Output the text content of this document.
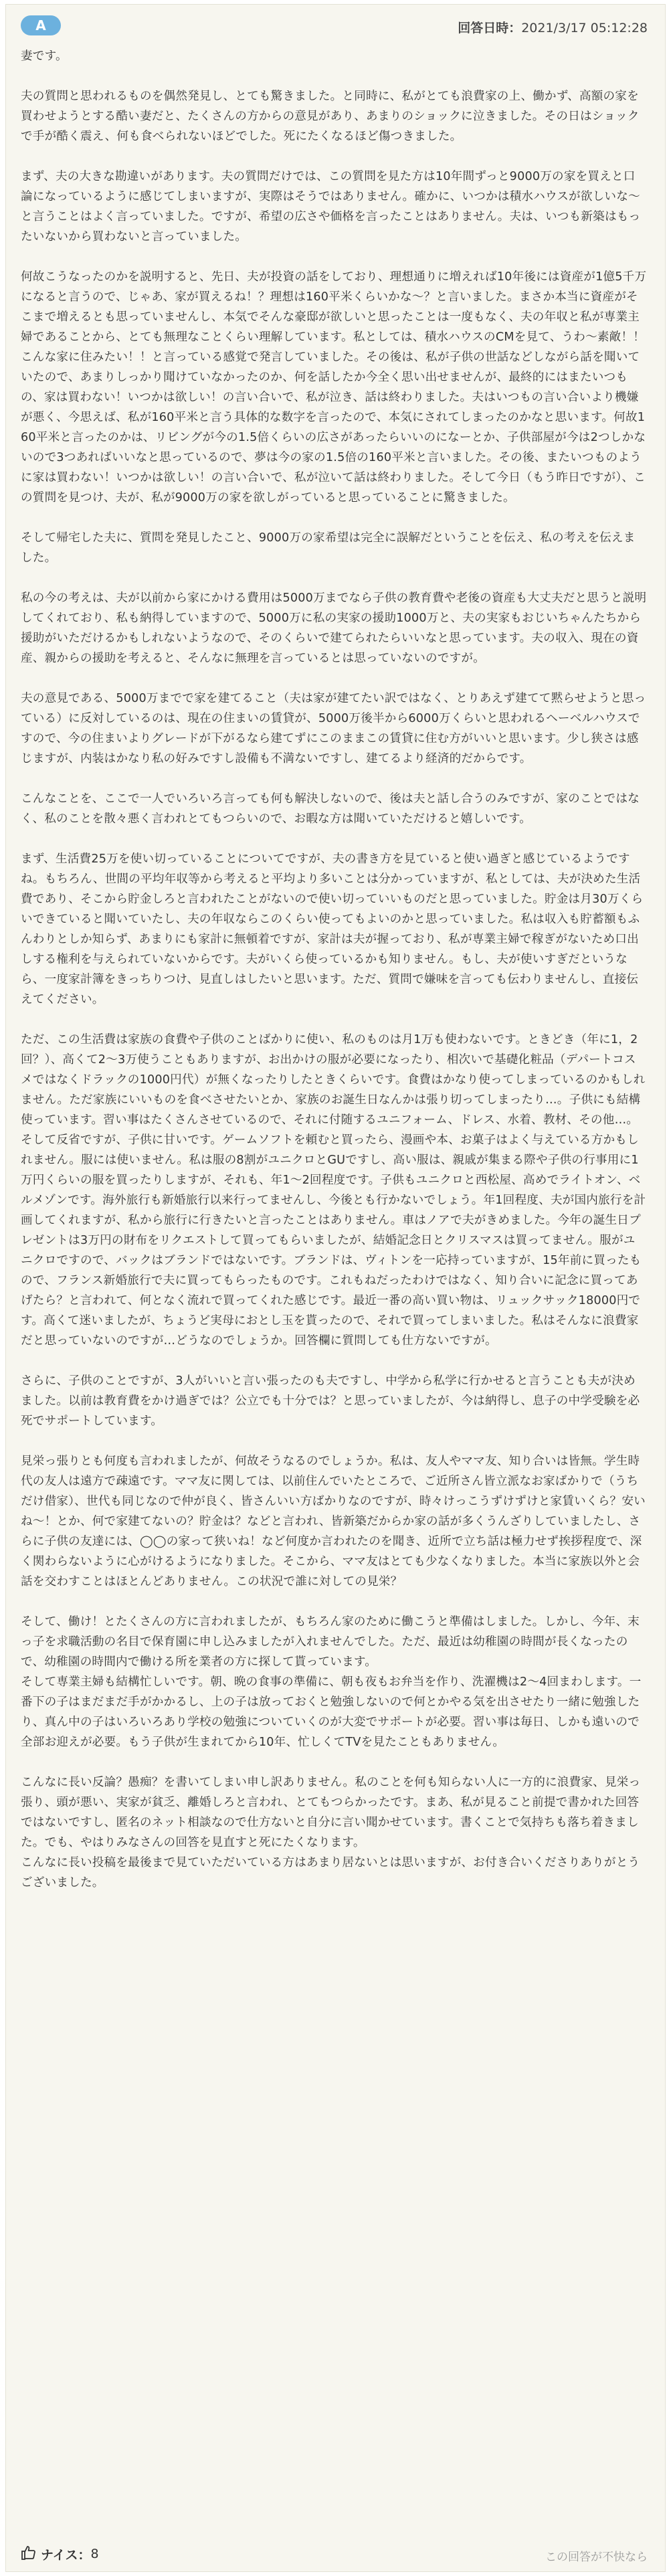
A	回答日時：2021/3/17 05:12:28

妻です。

夫の質問と思われるものを偶然発見し、とても驚きました。と同時に、私がとても浪費家の上、働かず、高額の家を買わせようとする酷い妻だと、たくさんの方からの意見があり、あまりのショックに泣きました。その日はショックで手が酷く震え、何も食べられないほどでした。死にたくなるほど傷つきました。

まず、夫の大きな勘違いがあります。夫の質問だけでは、この質問を見た方は10年間ずっと9000万の家を買えと口論になっているように感じてしまいますが、実際はそうではありません。確かに、いつかは積水ハウスが欲しいな〜と言うことはよく言っていました。ですが、希望の広さや価格を言ったことはありません。夫は、いつも新築はもったいないから買わないと言っていました。

何故こうなったのかを説明すると、先日、夫が投資の話をしており、理想通りに増えれば10年後には資産が1億5千万になると言うので、じゃあ、家が買えるね！？理想は160平米くらいかな〜？と言いました。まさか本当に資産がそこまで増えるとも思っていませんし、本気でそんな豪邸が欲しいと思ったことは一度もなく、夫の年収と私が専業主婦であることから、とても無理なことくらい理解しています。私としては、積水ハウスのCMを見て、うわ〜素敵！！こんな家に住みたい！！と言っている感覚で発言していました。その後は、私が子供の世話などしながら話を聞いていたので、あまりしっかり聞けていなかったのか、何を話したか今全く思い出せませんが、最終的にはまたいつもの、家は買わない！いつかは欲しい！の言い合いで、私が泣き、話は終わりました。夫はいつもの言い合いより機嫌が悪く、今思えば、私が160平米と言う具体的な数字を言ったので、本気にされてしまったのかなと思います。何故160平米と言ったのかは、リビングが今の1.5倍くらいの広さがあったらいいのになーとか、子供部屋が今は2つしかないので3つあればいいなと思っているので、夢は今の家の1.5倍の160平米と言いました。その後、またいつものように家は買わない！いつかは欲しい！の言い合いで、私が泣いて話は終わりました。そして今日（もう昨日ですが）、この質問を見つけ、夫が、私が9000万の家を欲しがっていると思っていることに驚きました。

そして帰宅した夫に、質問を発見したこと、9000万の家希望は完全に誤解だということを伝え、私の考えを伝えました。

私の今の考えは、夫が以前から家にかける費用は5000万までなら子供の教育費や老後の資産も大丈夫だと思うと説明してくれており、私も納得していますので、5000万に私の実家の援助1000万と、夫の実家もおじいちゃんたちから援助がいただけるかもしれないようなので、そのくらいで建てられたらいいなと思っています。夫の収入、現在の資産、親からの援助を考えると、そんなに無理を言っているとは思っていないのですが。

夫の意見である、5000万までで家を建てること（夫は家が建てたい訳ではなく、とりあえず建てて黙らせようと思っている）に反対しているのは、現在の住まいの賃貸が、5000万後半から6000万くらいと思われるヘーベルハウスですので、今の住まいよりグレードが下がるなら建てずにこのままこの賃貸に住む方がいいと思います。少し狭さは感じますが、内装はかなり私の好みですし設備も不満ないですし、建てるより経済的だからです。

こんなことを、ここで一人でいろいろ言っても何も解決しないので、後は夫と話し合うのみですが、家のことではなく、私のことを散々悪く言われとてもつらいので、お暇な方は聞いていただけると嬉しいです。

まず、生活費25万を使い切っていることについてですが、夫の書き方を見ていると使い過ぎと感じているようですね。もちろん、世間の平均年収等から考えると平均より多いことは分かっていますが、私としては、夫が決めた生活費であり、そこから貯金しろと言われたことがないので使い切っていいものだと思っていました。貯金は月30万くらいできていると聞いていたし、夫の年収ならこのくらい使ってもよいのかと思っていました。私は収入も貯蓄額もふんわりとしか知らず、あまりにも家計に無頓着ですが、家計は夫が握っており、私が専業主婦で稼ぎがないため口出しする権利を与えられていないからです。夫がいくら使っているかも知りません。もし、夫が使いすぎだというなら、一度家計簿をきっちりつけ、見直しはしたいと思います。ただ、質問で嫌味を言っても伝わりませんし、直接伝えてください。

ただ、この生活費は家族の食費や子供のことばかりに使い、私のものは月1万も使わないです。ときどき（年に1，2回？）、高くて2〜3万使うこともありますが、お出かけの服が必要になったり、相次いで基礎化粧品（デパートコスメではなくドラックの1000円代）が無くなったりしたときくらいです。食費はかなり使ってしまっているのかもしれません。ただ家族にいいものを食べさせたいとか、家族のお誕生日なんかは張り切ってしまったり…。子供にも結構使っています。習い事はたくさんさせているので、それに付随するユニフォーム、ドレス、水着、教材、その他…。そして反省ですが、子供に甘いです。ゲームソフトを頼むと買ったら、漫画や本、お菓子はよく与えている方かもしれません。服には使いません。私は服の8割がユニクロとGUですし、高い服は、親戚が集まる際や子供の行事用に1万円くらいの服を買ったりしますが、それも、年1〜2回程度です。子供もユニクロと西松屋、高めでライトオン、ベルメゾンです。海外旅行も新婚旅行以来行ってませんし、今後とも行かないでしょう。年1回程度、夫が国内旅行を計画してくれますが、私から旅行に行きたいと言ったことはありません。車はノアで夫がきめました。今年の誕生日プレゼントは3万円の財布をリクエストして買ってもらいましたが、結婚記念日とクリスマスは買ってません。服がユニクロですので、バックはブランドではないです。ブランドは、ヴィトンを一応持っていますが、15年前に買ったもので、フランス新婚旅行で夫に買ってもらったものです。これもねだったわけではなく、知り合いに記念に買ってあげたら？と言われて、何となく流れで買ってくれた感じです。最近一番の高い買い物は、リュックサック18000円です。高くて迷いましたが、ちょうど実母におとし玉を貰ったので、それで買ってしまいました。私はそんなに浪費家だと思っていないのですが…どうなのでしょうか。回答欄に質問しても仕方ないですが。

さらに、子供のことですが、3人がいいと言い張ったのも夫ですし、中学から私学に行かせると言うことも夫が決めました。以前は教育費をかけ過ぎでは？公立でも十分では？と思っていましたが、今は納得し、息子の中学受験を必死でサポートしています。

見栄っ張りとも何度も言われましたが、何故そうなるのでしょうか。私は、友人やママ友、知り合いは皆無。学生時代の友人は遠方で疎遠です。ママ友に関しては、以前住んでいたところで、ご近所さん皆立派なお家ばかりで（うちだけ借家）、世代も同じなので仲が良く、皆さんいい方ばかりなのですが、時々けっこうずけずけと家賃いくら？安いね〜！とか、何で家建てないの？貯金は？などと言われ、皆新築だからか家の話が多くうんざりしていましたし、さらに子供の友達には、◯◯の家って狭いね！など何度か言われたのを聞き、近所で立ち話は極力せず挨拶程度で、深く関わらないように心がけるようになりました。そこから、ママ友はとても少なくなりました。本当に家族以外と会話を交わすことはほとんどありません。この状況で誰に対しての見栄？

そして、働け！とたくさんの方に言われましたが、もちろん家のために働こうと準備はしました。しかし、今年、末っ子を求職活動の名目で保育園に申し込みましたが入れませんでした。ただ、最近は幼稚園の時間が長くなったので、幼稚園の時間内で働ける所を業者の方に探して貰っています。
そして専業主婦も結構忙しいです。朝、晩の食事の準備に、朝も夜もお弁当を作り、洗濯機は2〜4回まわします。一番下の子はまだまだ手がかかるし、上の子は放っておくと勉強しないので何とかやる気を出させたり一緒に勉強したり、真ん中の子はいろいろあり学校の勉強についていくのが大変でサポートが必要。習い事は毎日、しかも遠いので全部お迎えが必要。もう子供が生まれてから10年、忙しくてTVを見たこともありません。

こんなに長い反論？愚痴？を書いてしまい申し訳ありません。私のことを何も知らない人に一方的に浪費家、見栄っ張り、頭が悪い、実家が貧乏、離婚しろと言われ、とてもつらかったです。まあ、私が見ること前提で書かれた回答ではないですし、匿名のネット相談なので仕方ないと自分に言い聞かせています。書くことで気持ちも落ち着きました。でも、やはりみなさんの回答を見直すと死にたくなります。
こんなに長い投稿を最後まで見ていただいている方はあまり居ないとは思いますが、お付き合いくださりありがとうございました。

ナイス： 8	この回答が不快なら
